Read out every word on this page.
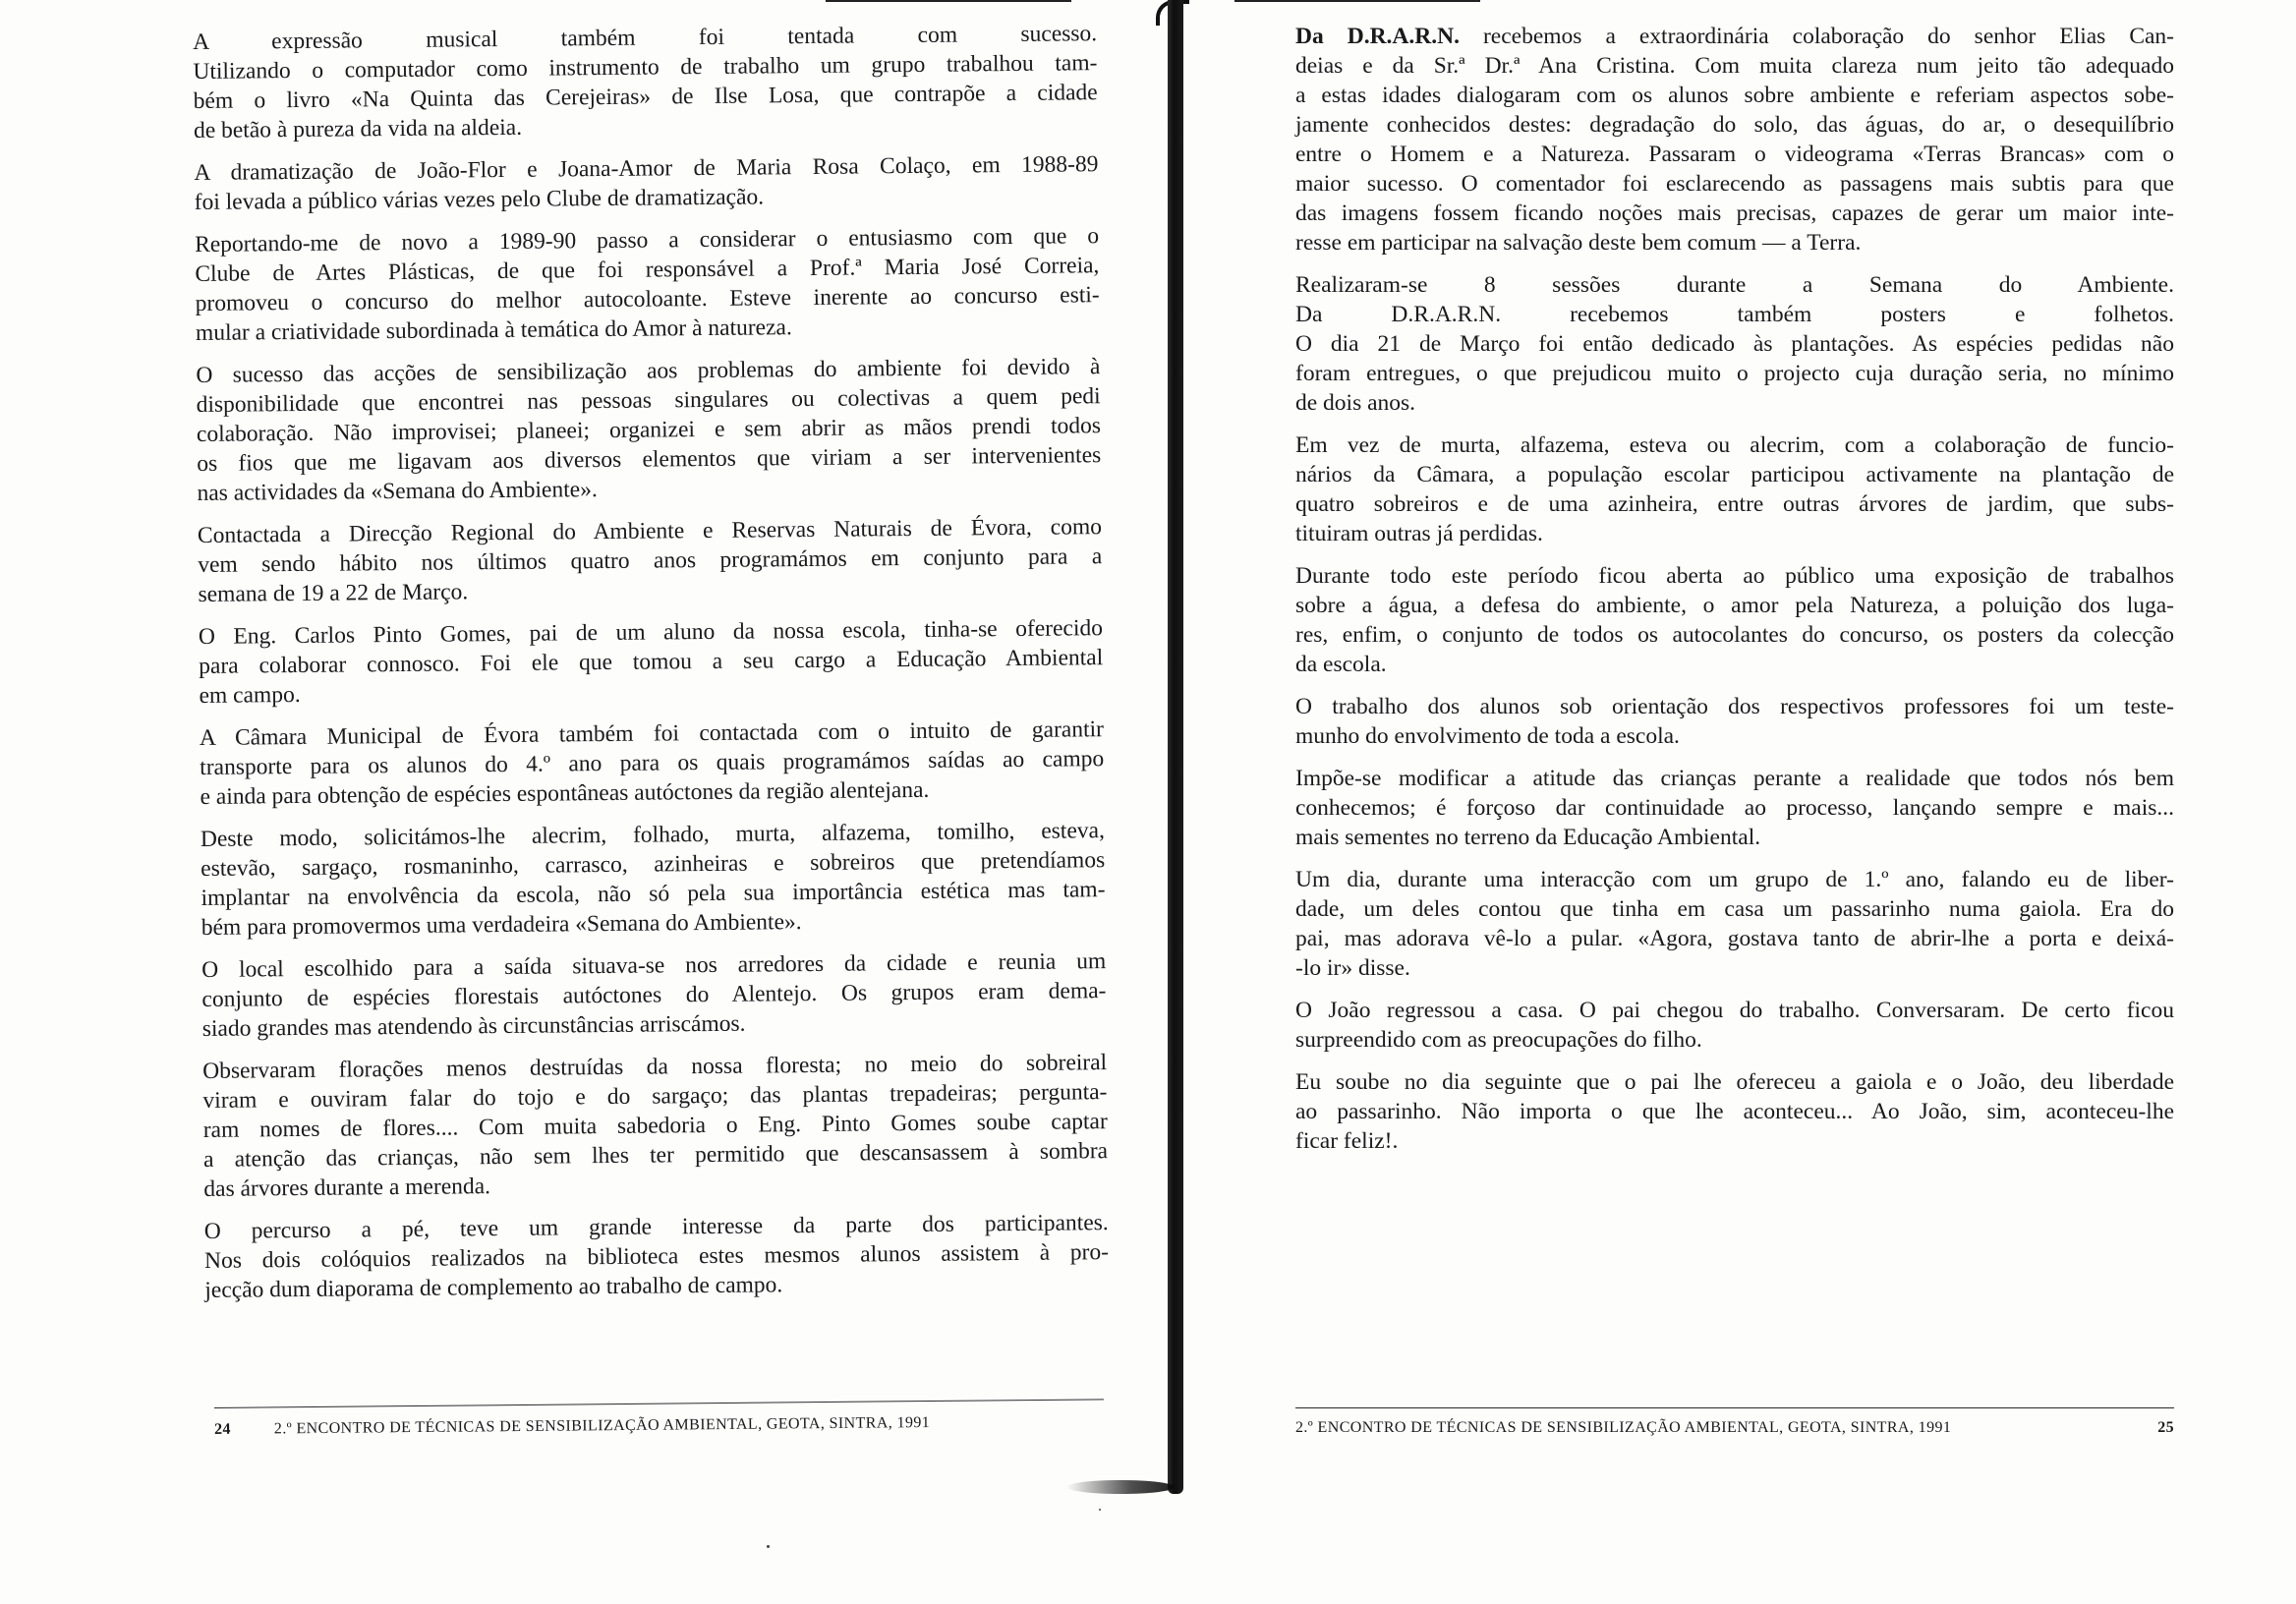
A expressão musical também foi tentada com sucesso.
Utilizando o computador como instrumento de trabalho um grupo trabalhou tam-
bém o livro «Na Quinta das Cerejeiras» de Ilse Losa, que contrapõe a cidade
de betão à pureza da vida na aldeia.
A dramatização de João-Flor e Joana-Amor de Maria Rosa Colaço, em 1988-89
foi levada a público várias vezes pelo Clube de dramatização.
Reportando-me de novo a 1989-90 passo a considerar o entusiasmo com que o
Clube de Artes Plásticas, de que foi responsável a Prof.ª Maria José Correia,
promoveu o concurso do melhor autocoloante. Esteve inerente ao concurso esti-
mular a criatividade subordinada à temática do Amor à natureza.
O sucesso das acções de sensibilização aos problemas do ambiente foi devido à
disponibilidade que encontrei nas pessoas singulares ou colectivas a quem pedi
colaboração. Não improvisei; planeei; organizei e sem abrir as mãos prendi todos
os fios que me ligavam aos diversos elementos que viriam a ser intervenientes
nas actividades da «Semana do Ambiente».
Contactada a Direcção Regional do Ambiente e Reservas Naturais de Évora, como
vem sendo hábito nos últimos quatro anos programámos em conjunto para a
semana de 19 a 22 de Março.
O Eng. Carlos Pinto Gomes, pai de um aluno da nossa escola, tinha-se oferecido
para colaborar connosco. Foi ele que tomou a seu cargo a Educação Ambiental
em campo.
A Câmara Municipal de Évora também foi contactada com o intuito de garantir
transporte para os alunos do 4.º ano para os quais programámos saídas ao campo
e ainda para obtenção de espécies espontâneas autóctones da região alentejana.
Deste modo, solicitámos-lhe alecrim, folhado, murta, alfazema, tomilho, esteva,
estevão, sargaço, rosmaninho, carrasco, azinheiras e sobreiros que pretendíamos
implantar na envolvência da escola, não só pela sua importância estética mas tam-
bém para promovermos uma verdadeira «Semana do Ambiente».
O local escolhido para a saída situava-se nos arredores da cidade e reunia um
conjunto de espécies florestais autóctones do Alentejo. Os grupos eram dema-
siado grandes mas atendendo às circunstâncias arriscámos.
Observaram florações menos destruídas da nossa floresta; no meio do sobreiral
viram e ouviram falar do tojo e do sargaço; das plantas trepadeiras; pergunta-
ram nomes de flores.... Com muita sabedoria o Eng. Pinto Gomes soube captar
a atenção das crianças, não sem lhes ter permitido que descansassem à sombra
das árvores durante a merenda.
O percurso a pé, teve um grande interesse da parte dos participantes.
Nos dois colóquios realizados na biblioteca estes mesmos alunos assistem à pro-
jecção dum diaporama de complemento ao trabalho de campo.
24	2.º ENCONTRO DE TÉCNICAS DE SENSIBILIZAÇÃO AMBIENTAL, GEOTA, SINTRA, 1991
Da D.R.A.R.N. recebemos a extraordinária colaboração do senhor Elias Can-
deias e da Sr.ª Dr.ª Ana Cristina. Com muita clareza num jeito tão adequado
a estas idades dialogaram com os alunos sobre ambiente e referiam aspectos sobe-
jamente conhecidos destes: degradação do solo, das águas, do ar, o desequilíbrio
entre o Homem e a Natureza. Passaram o videograma «Terras Brancas» com o
maior sucesso. O comentador foi esclarecendo as passagens mais subtis para que
das imagens fossem ficando noções mais precisas, capazes de gerar um maior inte-
resse em participar na salvação deste bem comum — a Terra.
Realizaram-se 8 sessões durante a Semana do Ambiente.
Da D.R.A.R.N. recebemos também posters e folhetos.
O dia 21 de Março foi então dedicado às plantações. As espécies pedidas não
foram entregues, o que prejudicou muito o projecto cuja duração seria, no mínimo
de dois anos.
Em vez de murta, alfazema, esteva ou alecrim, com a colaboração de funcio-
nários da Câmara, a população escolar participou activamente na plantação de
quatro sobreiros e de uma azinheira, entre outras árvores de jardim, que subs-
tituiram outras já perdidas.
Durante todo este período ficou aberta ao público uma exposição de trabalhos
sobre a água, a defesa do ambiente, o amor pela Natureza, a poluição dos luga-
res, enfim, o conjunto de todos os autocolantes do concurso, os posters da colecção
da escola.
O trabalho dos alunos sob orientação dos respectivos professores foi um teste-
munho do envolvimento de toda a escola.
Impõe-se modificar a atitude das crianças perante a realidade que todos nós bem
conhecemos; é forçoso dar continuidade ao processo, lançando sempre e mais...
mais sementes no terreno da Educação Ambiental.
Um dia, durante uma interacção com um grupo de 1.º ano, falando eu de liber-
dade, um deles contou que tinha em casa um passarinho numa gaiola. Era do
pai, mas adorava vê-lo a pular. «Agora, gostava tanto de abrir-lhe a porta e deixá-
-lo ir» disse.
O João regressou a casa. O pai chegou do trabalho. Conversaram. De certo ficou
surpreendido com as preocupações do filho.
Eu soube no dia seguinte que o pai lhe ofereceu a gaiola e o João, deu liberdade
ao passarinho. Não importa o que lhe aconteceu... Ao João, sim, aconteceu-lhe
ficar feliz!.
2.º ENCONTRO DE TÉCNICAS DE SENSIBILIZAÇÃO AMBIENTAL, GEOTA, SINTRA, 1991	25
